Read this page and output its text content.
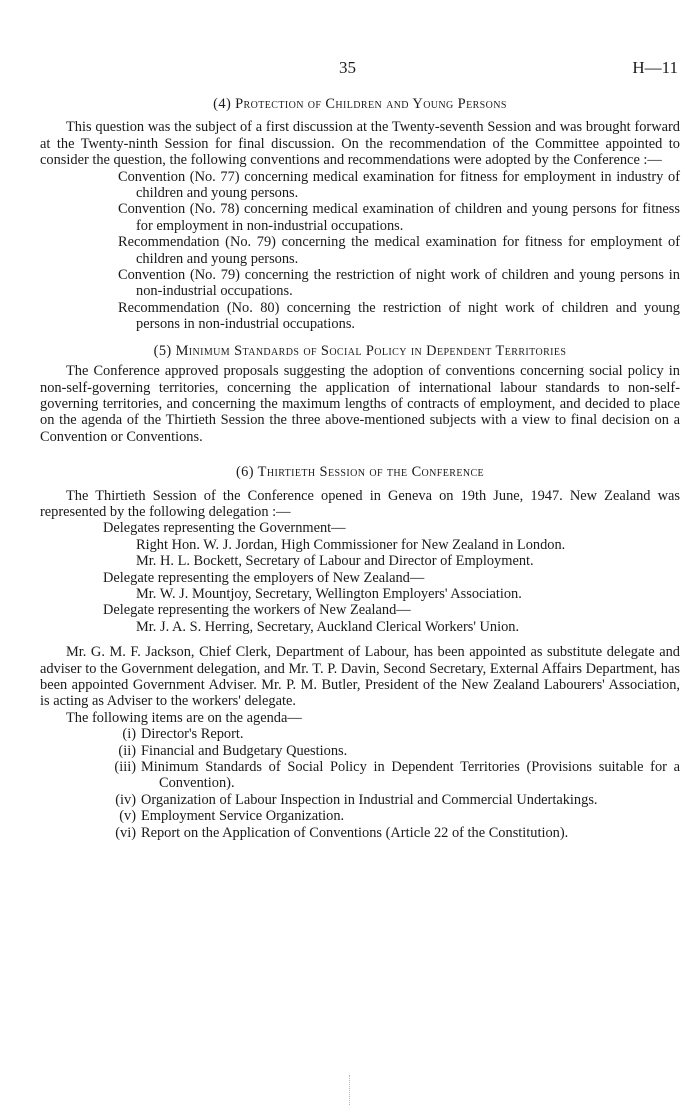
35	H—11
(4) Protection of Children and Young Persons

This question was the subject of a first discussion at the Twenty-seventh Session and was brought forward at the Twenty-ninth Session for final discussion. On the recommendation of the Committee appointed to consider the question, the following conventions and recommendations were adopted by the Conference :—

Convention (No. 77) concerning medical examination for fitness for employment in industry of children and young persons.
Convention (No. 78) concerning medical examination of children and young persons for fitness for employment in non-industrial occupations.
Recommendation (No. 79) concerning the medical examination for fitness for employment of children and young persons.
Convention (No. 79) concerning the restriction of night work of children and young persons in non-industrial occupations.
Recommendation (No. 80) concerning the restriction of night work of children and young persons in non-industrial occupations.
(5) Minimum Standards of Social Policy in Dependent Territories

The Conference approved proposals suggesting the adoption of conventions concerning social policy in non-self-governing territories, concerning the application of international labour standards to non-self-governing territories, and concerning the maximum lengths of contracts of employment, and decided to place on the agenda of the Thirtieth Session the three above-mentioned subjects with a view to final decision on a Convention or Conventions.

(6) Thirtieth Session of the Conference

The Thirtieth Session of the Conference opened in Geneva on 19th June, 1947. New Zealand was represented by the following delegation :—

Delegates representing the Government—
Right Hon. W. J. Jordan, High Commissioner for New Zealand in London.
Mr. H. L. Bockett, Secretary of Labour and Director of Employment.
Delegate representing the employers of New Zealand—
Mr. W. J. Mountjoy, Secretary, Wellington Employers' Association.
Delegate representing the workers of New Zealand—
Mr. J. A. S. Herring, Secretary, Auckland Clerical Workers' Union.

Mr. G. M. F. Jackson, Chief Clerk, Department of Labour, has been appointed as substitute delegate and adviser to the Government delegation, and Mr. T. P. Davin, Second Secretary, External Affairs Department, has been appointed Government Adviser. Mr. P. M. Butler, President of the New Zealand Labourers' Association, is acting as Adviser to the workers' delegate.

The following items are on the agenda—

(i) Director's Report.
(ii) Financial and Budgetary Questions.
(iii) Minimum Standards of Social Policy in Dependent Territories (Provisions suitable for a Convention).
(iv) Organization of Labour Inspection in Industrial and Commercial Undertakings.
(v) Employment Service Organization.
(vi) Report on the Application of Conventions (Article 22 of the Constitution).
